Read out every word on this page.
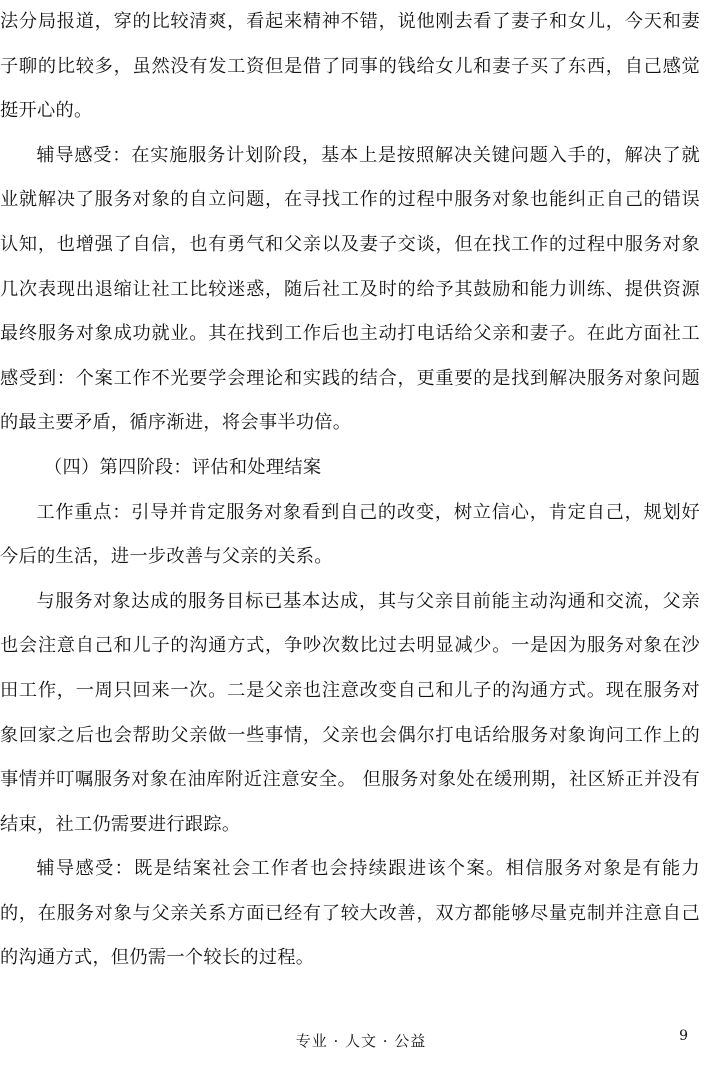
法分局报道，穿的比较清爽，看起来精神不错，说他刚去看了妻子和女儿，今天和妻子聊的比较多，虽然没有发工资但是借了同事的钱给女儿和妻子买了东西，自己感觉挺开心的。

辅导感受：在实施服务计划阶段，基本上是按照解决关键问题入手的，解决了就业就解决了服务对象的自立问题，在寻找工作的过程中服务对象也能纠正自己的错误认知，也增强了自信，也有勇气和父亲以及妻子交谈，但在找工作的过程中服务对象几次表现出退缩让社工比较迷惑，随后社工及时的给予其鼓励和能力训练、提供资源最终服务对象成功就业。其在找到工作后也主动打电话给父亲和妻子。在此方面社工感受到：个案工作不光要学会理论和实践的结合，更重要的是找到解决服务对象问题的最主要矛盾，循序渐进，将会事半功倍。

（四）第四阶段：评估和处理结案

工作重点：引导并肯定服务对象看到自己的改变，树立信心，肯定自己，规划好今后的生活，进一步改善与父亲的关系。

与服务对象达成的服务目标已基本达成，其与父亲目前能主动沟通和交流，父亲也会注意自己和儿子的沟通方式，争吵次数比过去明显减少。一是因为服务对象在沙田工作，一周只回来一次。二是父亲也注意改变自己和儿子的沟通方式。现在服务对象回家之后也会帮助父亲做一些事情，父亲也会偶尔打电话给服务对象询问工作上的事情并叮嘱服务对象在油库附近注意安全。 但服务对象处在缓刑期，社区矫正并没有结束，社工仍需要进行跟踪。

辅导感受：既是结案社会工作者也会持续跟进该个案。相信服务对象是有能力的，在服务对象与父亲关系方面已经有了较大改善，双方都能够尽量克制并注意自己的沟通方式，但仍需一个较长的过程。

专业 · 人文 · 公益	9
